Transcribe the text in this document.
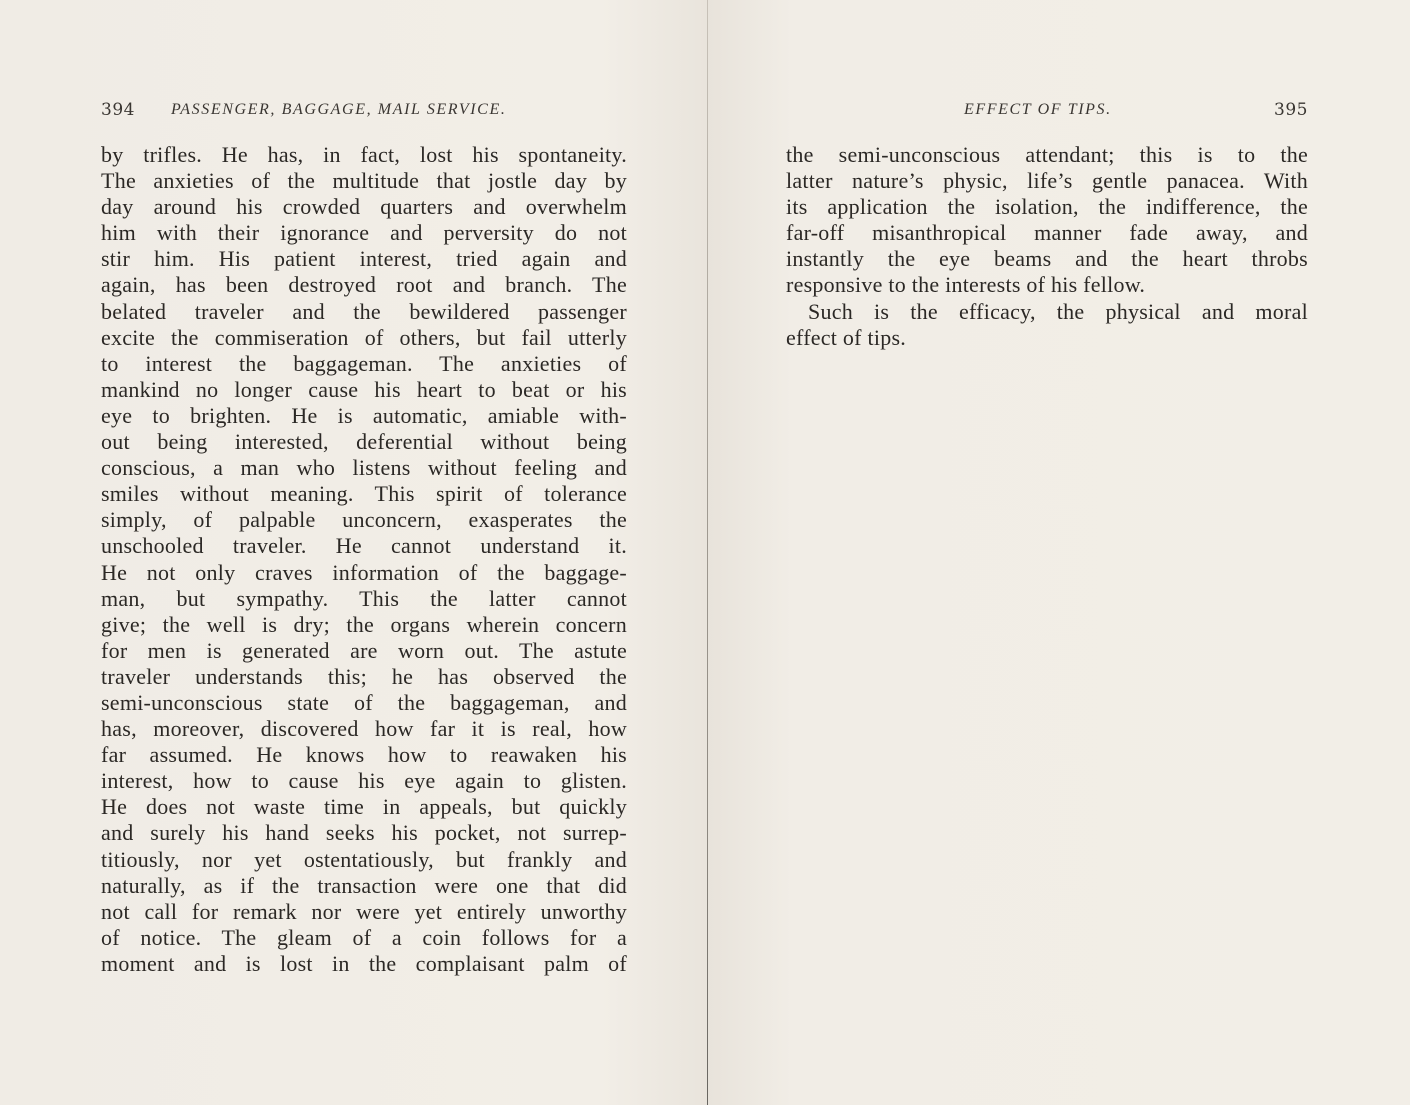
394 PASSENGER, BAGGAGE, MAIL SERVICE.
by trifles. He has, in fact, lost his spontaneity.
The anxieties of the multitude that jostle day by
day around his crowded quarters and overwhelm
him with their ignorance and perversity do not
stir him. His patient interest, tried again and
again, has been destroyed root and branch. The
belated traveler and the bewildered passenger
excite the commiseration of others, but fail utterly
to interest the baggageman. The anxieties of
mankind no longer cause his heart to beat or his
eye to brighten. He is automatic, amiable with-
out being interested, deferential without being
conscious, a man who listens without feeling and
smiles without meaning. This spirit of tolerance
simply, of palpable unconcern, exasperates the
unschooled traveler. He cannot understand it.
He not only craves information of the baggage-
man, but sympathy. This the latter cannot
give; the well is dry; the organs wherein concern
for men is generated are worn out. The astute
traveler understands this; he has observed the
semi-unconscious state of the baggageman, and
has, moreover, discovered how far it is real, how
far assumed. He knows how to reawaken his
interest, how to cause his eye again to glisten.
He does not waste time in appeals, but quickly
and surely his hand seeks his pocket, not surrep-
titiously, nor yet ostentatiously, but frankly and
naturally, as if the transaction were one that did
not call for remark nor were yet entirely unworthy
of notice. The gleam of a coin follows for a
moment and is lost in the complaisant palm of
EFFECT OF TIPS.	395
the semi-unconscious attendant; this is to the
latter nature’s physic, life’s gentle panacea. With
its application the isolation, the indifference, the
far-off misanthropical manner fade away, and
instantly the eye beams and the heart throbs
responsive to the interests of his fellow.
Such is the efficacy, the physical and moral
effect of tips.
